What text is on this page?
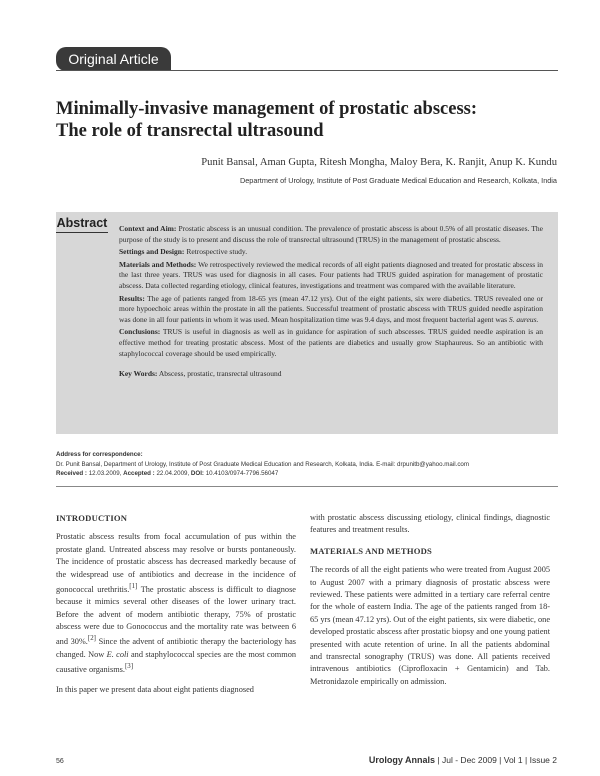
Original Article
Minimally-invasive management of prostatic abscess:
The role of transrectal ultrasound
Punit Bansal, Aman Gupta, Ritesh Mongha, Maloy Bera, K. Ranjit, Anup K. Kundu
Department of Urology, Institute of Post Graduate Medical Education and Research, Kolkata, India
Abstract Context and Aim: Prostatic abscess is an unusual condition. The prevalence of prostatic abscess is about 0.5% of all prostatic diseases. The purpose of the study is to present and discuss the role of transrectal ultrasound (TRUS) in the management of prostatic abscess.

Settings and Design: Retrospective study.

Materials and Methods: We retrospectively reviewed the medical records of all eight patients diagnosed and treated for prostatic abscess in the last three years. TRUS was used for diagnosis in all cases. Four patients had TRUS guided aspiration for management of prostatic abscess. Data collected regarding etiology, clinical features, investigations and treatment was compared with the available literature.

Results: The age of patients ranged from 18-65 yrs (mean 47.12 yrs). Out of the eight patients, six were diabetics. TRUS revealed one or more hypoechoic areas within the prostate in all the patients. Successful treatment of prostatic abscess with TRUS guided needle aspiration was done in all four patients in whom it was used. Mean hospitalization time was 9.4 days, and most frequent bacterial agent was S. aureus.

Conclusions: TRUS is useful in diagnosis as well as in guidance for aspiration of such abscesses. TRUS guided needle aspiration is an effective method for treating prostatic abscess. Most of the patients are diabetics and usually grow Staphaureus. So an antibiotic with staphylococcal coverage should be used empirically.

Key Words: Abscess, prostatic, transrectal ultrasound

Address for correspondence:
Dr. Punit Bansal, Department of Urology, Institute of Post Graduate Medical Education and Research, Kolkata, India. E-mail: drpunitb@yahoo.mail.com
Received : 12.03.2009, Accepted : 22.04.2009, DOI: 10.4103/0974-7796.56047
INTRODUCTION

Prostatic abscess results from focal accumulation of pus within the prostate gland. Untreated abscess may resolve or bursts pontaneously. The incidence of prostatic abscess has decreased markedly because of the widespread use of antibiotics and decrease in the incidence of gonococcal urethritis.[1] The prostatic abscess is difficult to diagnose because it mimics several other diseases of the lower urinary tract. Before the advent of modern antibiotic therapy, 75% of prostatic abscess were due to Gonococcus and the mortality rate was between 6 and 30%.[2] Since the advent of antibiotic therapy the bacteriology has changed. Now E. coli and staphylococcal species are the most common causative organisms.[3]

In this paper we present data about eight patients diagnosed

with prostatic abscess discussing etiology, clinical findings, diagnostic features and treatment results.

MATERIALS AND METHODS

The records of all the eight patients who were treated from August 2005 to August 2007 with a primary diagnosis of prostatic abscess were reviewed. These patients were admitted in a tertiary care referral centre for the whole of eastern India. The age of the patients ranged from 18-65 yrs (mean 47.12 yrs). Out of the eight patients, six were diabetic, one developed prostatic abscess after prostatic biopsy and one young patient presented with acute retention of urine. In all the patients abdominal and transrectal sonography (TRUS) was done. All patients received intravenous antibiotics (Ciprofloxacin + Gentamicin) and Tab. Metronidazole empirically on admission.

56	Urology Annals | Jul - Dec 2009 | Vol 1 | Issue 2
